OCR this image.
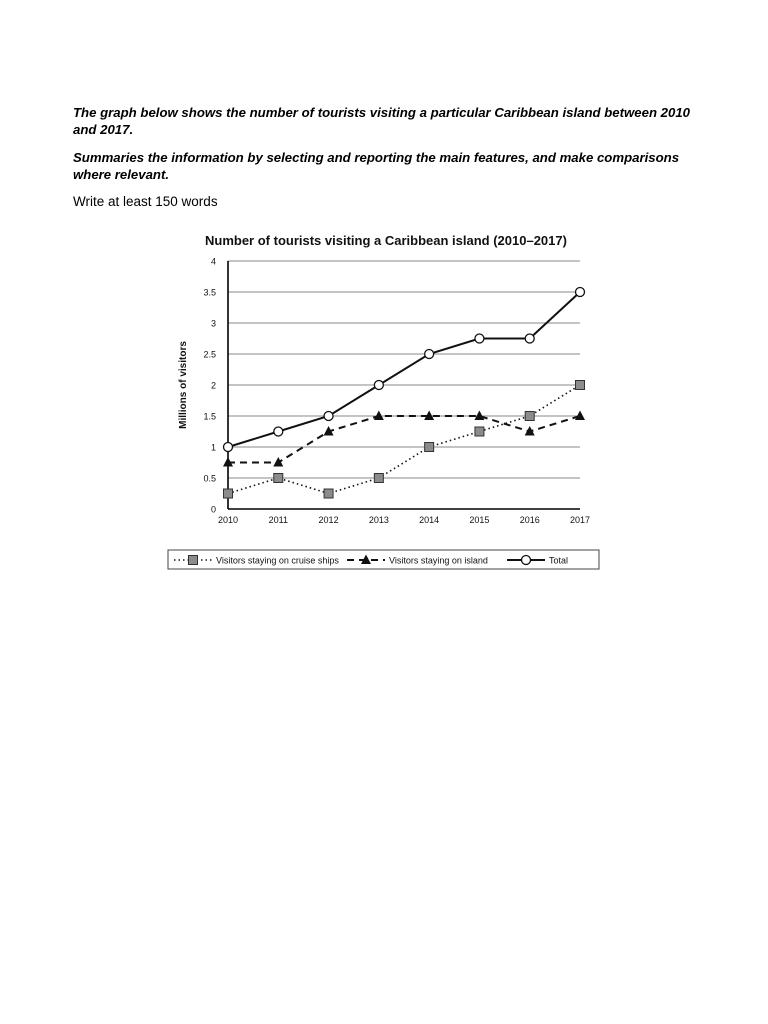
The graph below shows the number of tourists visiting a particular Caribbean island between 2010 and 2017.

Summaries the information by selecting and reporting the main features, and make comparisons where relevant.

Write at least 150 words

Number of tourists visiting a Caribbean island (2010–2017)
Millions of visitors
0
0.5
1
1.5
2
2.5
3
3.5
4
2010	2011	2012	2013	2014	2015	2016	2017
Visitors staying on cruise ships	Visitors staying on island	Total
